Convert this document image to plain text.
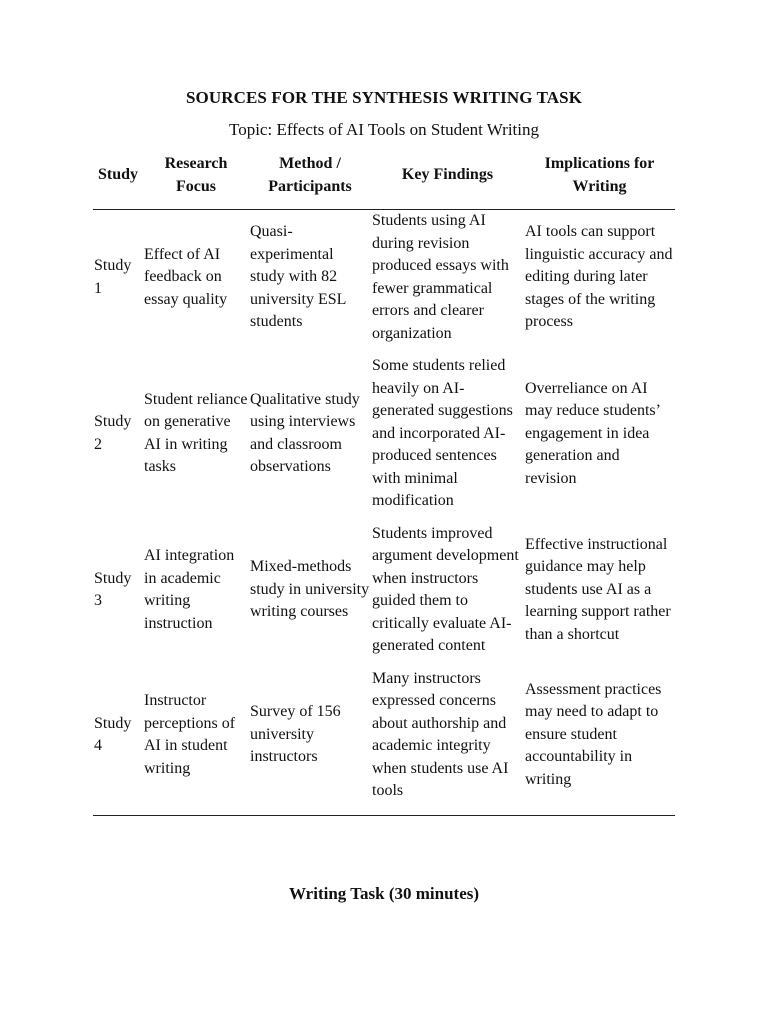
SOURCES FOR THE SYNTHESIS WRITING TASK
Topic: Effects of AI Tools on Student Writing
Study	Research Focus	Method / Participants	Key Findings	Implications for Writing
Study 1	Effect of AI feedback on essay quality	Quasi-experimental study with 82 university ESL students	Students using AI during revision produced essays with fewer grammatical errors and clearer organization	AI tools can support linguistic accuracy and editing during later stages of the writing process
Study 2	Student reliance on generative AI in writing tasks	Qualitative study using interviews and classroom observations	Some students relied heavily on AI-generated suggestions and incorporated AI-produced sentences with minimal modification	Overreliance on AI may reduce students’ engagement in idea generation and revision
Study 3	AI integration in academic writing instruction	Mixed-methods study in university writing courses	Students improved argument development when instructors guided them to critically evaluate AI-generated content	Effective instructional guidance may help students use AI as a learning support rather than a shortcut
Study 4	Instructor perceptions of AI in student writing	Survey of 156 university instructors	Many instructors expressed concerns about authorship and academic integrity when students use AI tools	Assessment practices may need to adapt to ensure student accountability in writing
Writing Task (30 minutes)
